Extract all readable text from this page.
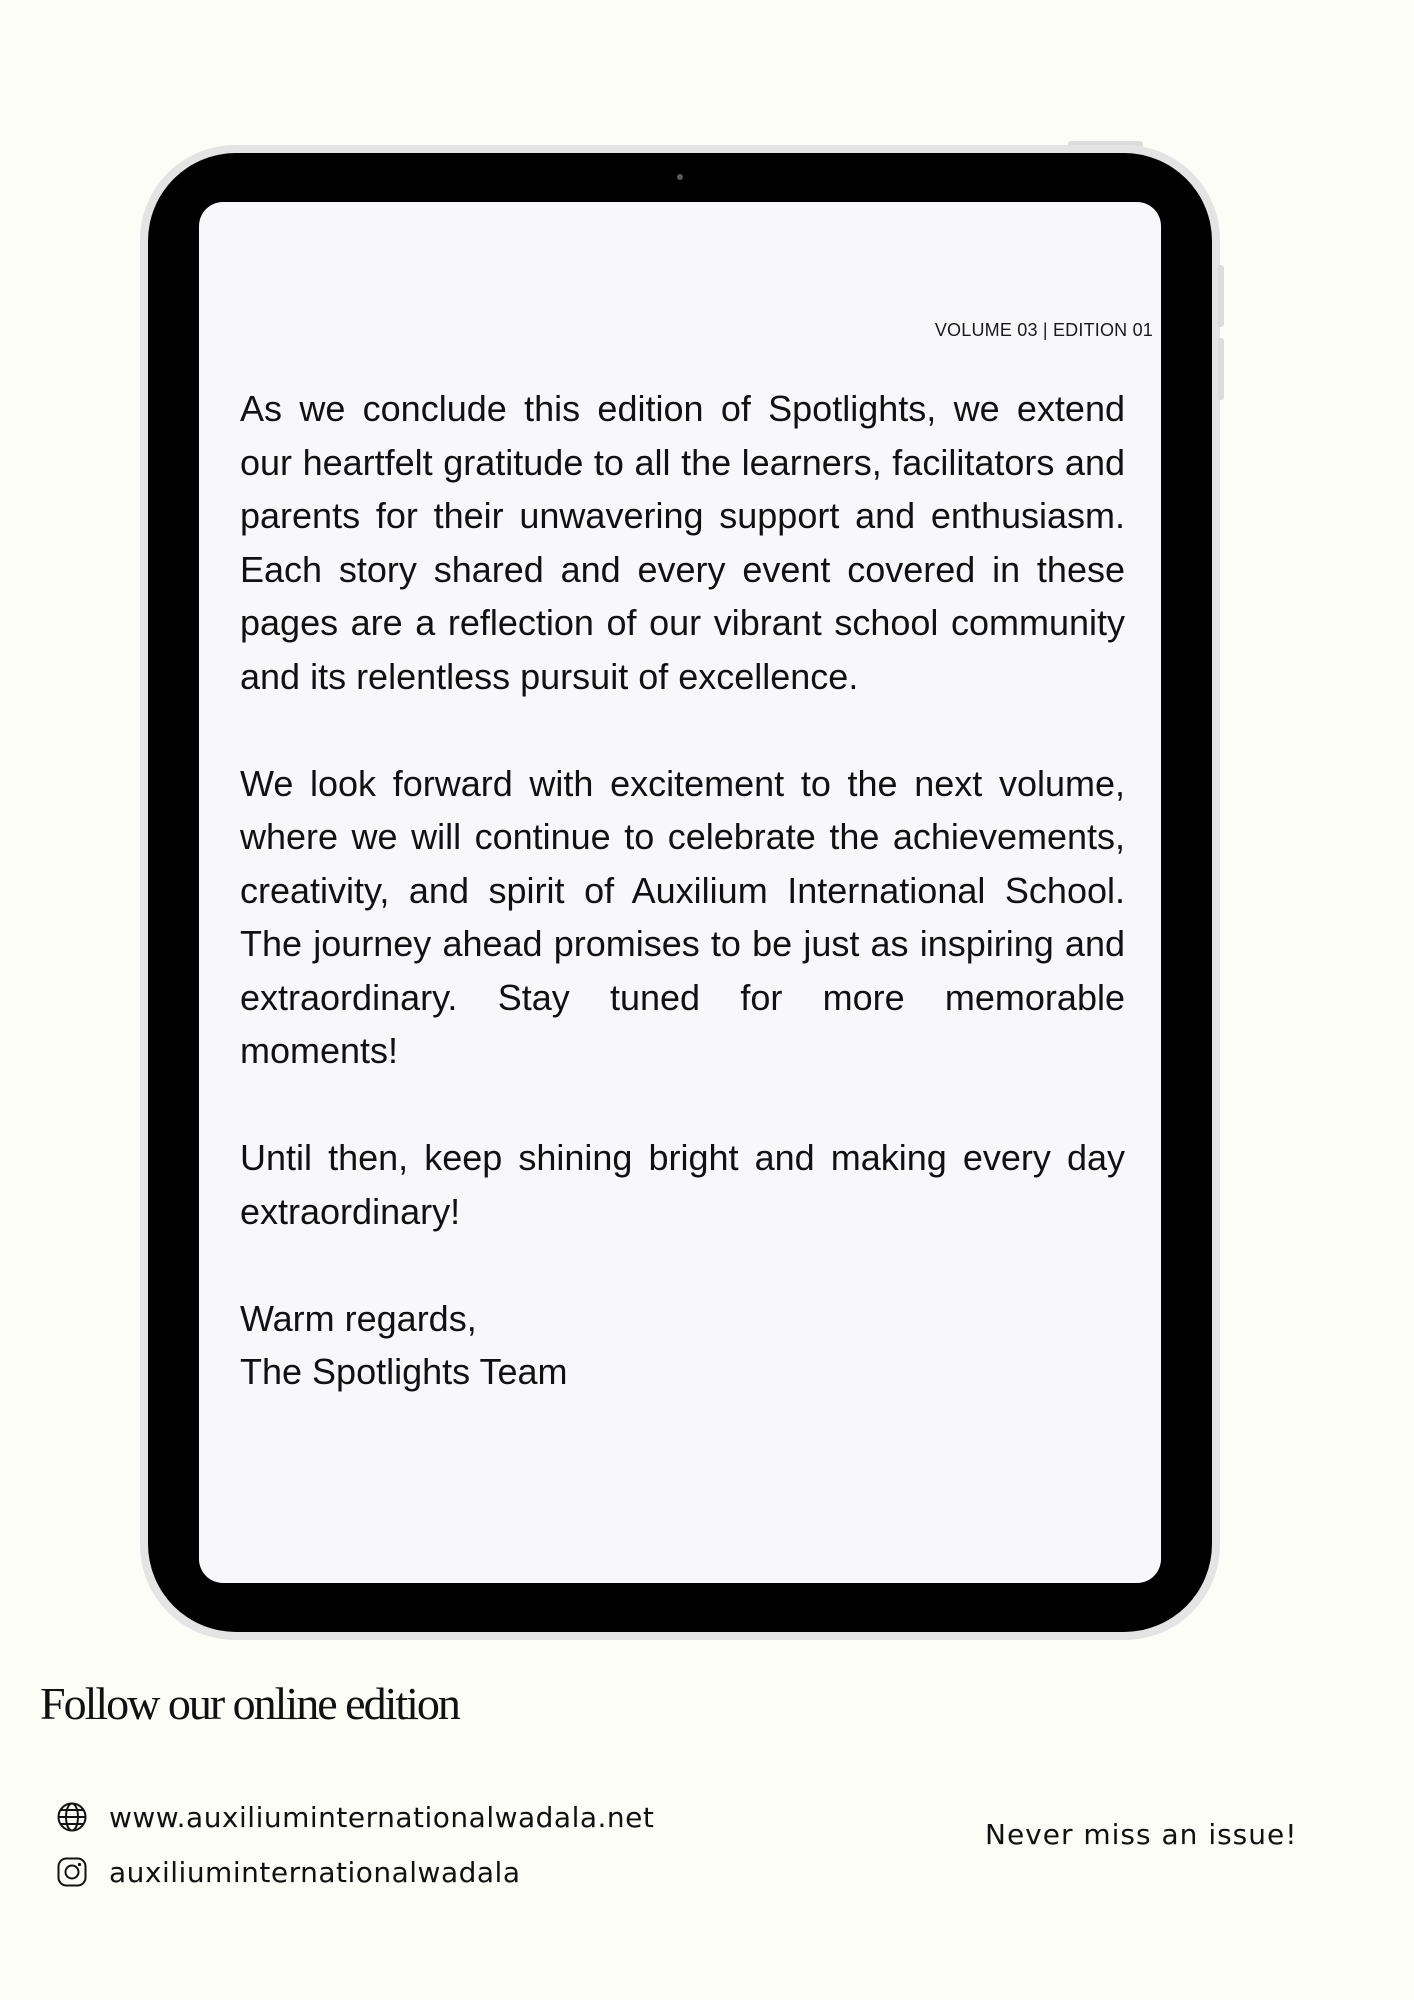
VOLUME 03 | EDITION 01

As we conclude this edition of Spotlights, we extend our heartfelt gratitude to all the learners, facilitators and parents for their unwavering support and enthusiasm. Each story shared and every event covered in these pages are a reflection of our vibrant school community and its relentless pursuit of excellence.

We look forward with excitement to the next volume, where we will continue to celebrate the achievements, creativity, and spirit of Auxilium International School. The journey ahead promises to be just as inspiring and extraordinary. Stay tuned for more memorable moments!

Until then, keep shining bright and making every day extraordinary!

Warm regards,
The Spotlights Team

Follow our online edition
www.auxiliuminternationalwadala.net
auxiliuminternationalwadala
Never miss an issue!
